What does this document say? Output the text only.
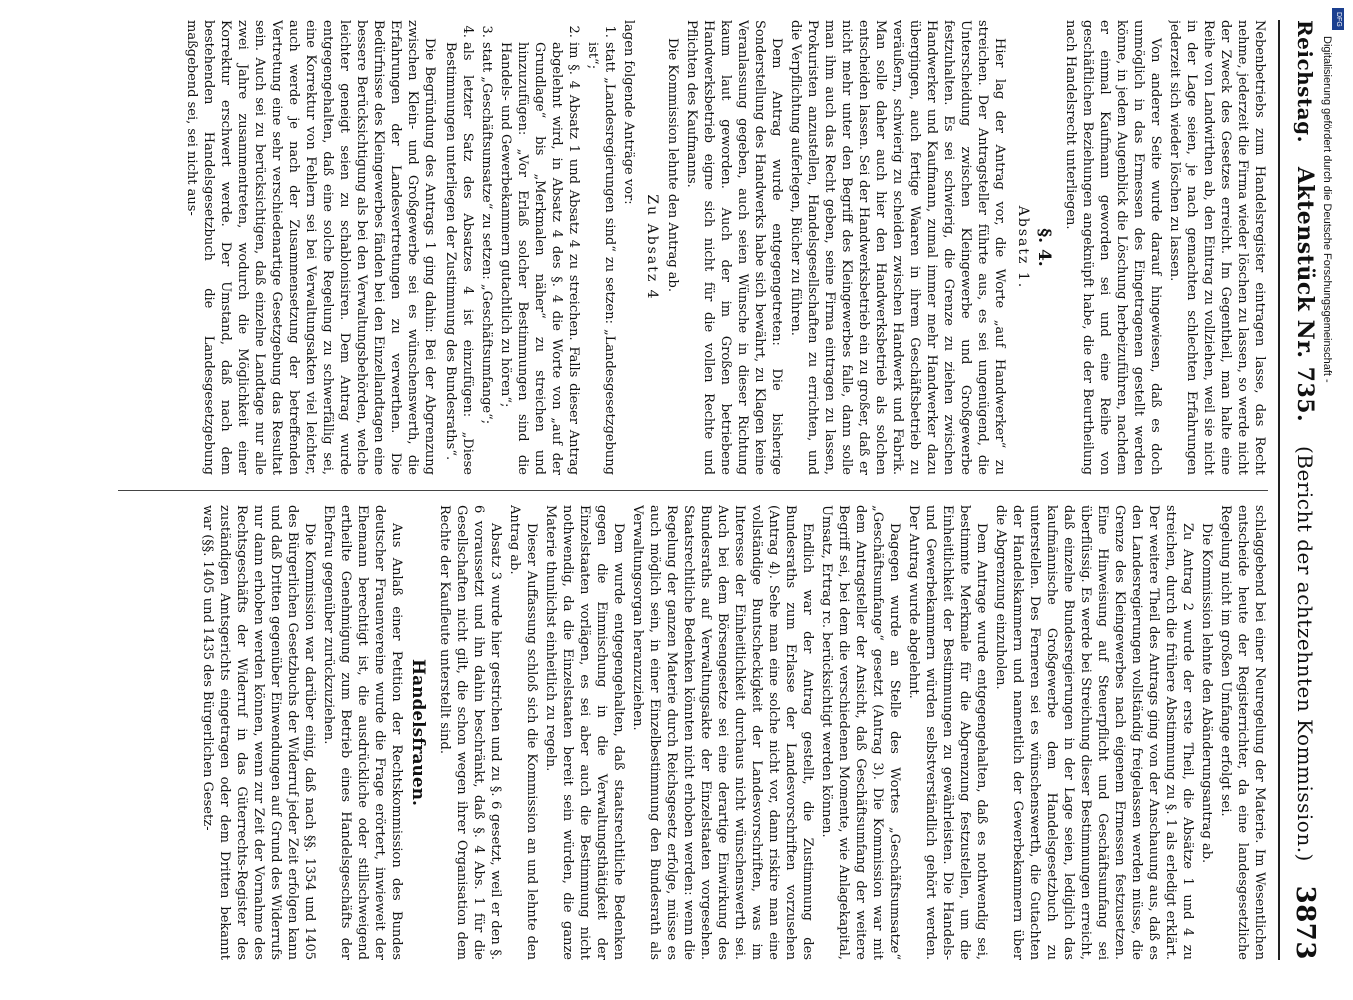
Reichstag.
Aktenstück Nr. 735.
(Bericht der achtzehnten Kommission.)
3873

Nebenbetriebs zum Handelsregister eintragen lasse, das Recht nehme, jederzeit die Firma wieder löschen zu lassen, so werde nicht der Zweck des Gesetzes erreicht. Im Gegentheil, man halte eine Reihe von Landwirthen ab, den Eintrag zu vollziehen, weil sie nicht in der Lage seien, je nach gemachten schlechten Erfahrungen jederzeit sich wieder löschen zu lassen.

Von anderer Seite wurde darauf hingewiesen, daß es doch unmöglich in das Ermessen des Eingetragenen gestellt werden könne, in jedem Augenblick die Löschung herbeizuführen, nachdem er einmal Kaufmann geworden sei und eine Reihe von geschäftlichen Beziehungen angeknüpft habe, die der Beurtheilung nach Handelsrecht unterliegen.

§. 4.
Absatz 1.

Hier lag der Antrag vor, die Worte „auf Handwerker“ zu streichen. Der Antragsteller führte aus, es sei ungenügend, die Unterscheidung zwischen Kleingewerbe und Großgewerbe festzuhalten. Es sei schwierig, die Grenze zu ziehen zwischen Handwerker und Kaufmann, zumal immer mehr Handwerker dazu übergingen, auch fertige Waaren in ihrem Geschäftsbetrieb zu veräußern, schwierig zu scheiden zwischen Handwerk und Fabrik. Man solle daher auch hier den Handwerksbetrieb als solchen entscheiden lassen. Sei der Handwerksbetrieb ein zu großer, daß er nicht mehr unter den Begriff des Kleingewerbes falle, dann solle man ihm auch das Recht geben, seine Firma eintragen zu lassen, Prokuristen anzustellen, Handelsgesellschaften zu errichten, und die Verpflichtung auferlegen, Bücher zu führen.

Dem Antrag wurde entgegengetreten: Die bisherige Sonderstellung des Handwerks habe sich bewährt, zu Klagen keine Veranlassung gegeben, auch seien Wünsche in dieser Richtung kaum laut geworden. Auch der im Großen betriebene Handwerksbetrieb eigne sich nicht für die vollen Rechte und Pflichten des Kaufmanns.

Die Kommission lehnte den Antrag ab.

Zu Absatz 4

lagen folgende Anträge vor:

1. statt „Landesregierungen sind“ zu setzen: „Landesgesetzgebung ist“;
2. im §. 4 Absatz 1 und Absatz 4 zu streichen. Falls dieser Antrag abgelehnt wird, in Absatz 4 des §. 4 die Worte von „auf der Grundlage“ bis „Merkmalen näher“ zu streichen und hinzuzufügen: „Vor Erlaß solcher Bestimmungen sind die Handels- und Gewerbekammern gutachtlich zu hören“;
3. statt „Geschäftsumsatze“ zu setzen: „Geschäftsumfange“;
4. als letzter Satz des Absatzes 4 ist einzufügen: „Diese Bestimmungen unterliegen der Zustimmung des Bundesraths“.

Die Begründung des Antrags 1 ging dahin: Bei der Abgrenzung zwischen Klein- und Großgewerbe sei es wünschenswerth, die Erfahrungen der Landesvertretungen zu verwerthen. Die Bedürfnisse des Kleingewerbes fänden bei den Einzellandtagen eine bessere Berücksichtigung als bei den Verwaltungsbehörden, welche leichter geneigt seien zu schablonisiren. Dem Antrag wurde entgegengehalten, daß eine solche Regelung zu schwerfällig sei, eine Korrektur von Fehlern sei bei Verwaltungsakten viel leichter, auch werde je nach der Zusammensetzung der betreffenden Vertretung eine sehr verschiedenartige Gesetzgebung das Resultat sein. Auch sei zu berücksichtigen, daß einzelne Landtage nur alle zwei Jahre zusammentreten, wodurch die Möglichkeit einer Korrektur erschwert werde. Der Umstand, daß nach dem bestehenden Handelsgesetzbuch die Landesgesetzgebung maßgebend sei, sei nicht aus-

schlaggebend bei einer Neuregelung der Materie. Im Wesentlichen entscheide heute der Registerrichter, da eine landesgesetzliche Regelung nicht im großen Umfange erfolgt sei.

Die Kommission lehnte den Abänderungsantrag ab.

Zu Antrag 2 wurde der erste Theil, die Absätze 1 und 4 zu streichen, durch die frühere Abstimmung zu §. 1 als erledigt erklärt. Der weitere Theil des Antrags ging von der Anschauung aus, daß es den Landesregierungen vollständig freigelassen werden müsse, die Grenze des Kleingewerbes nach eigenem Ermessen festzusetzen. Eine Hinweisung auf Steuerpflicht und Geschäftsumfang sei überflüssig. Es werde bei Streichung dieser Bestimmungen erreicht, daß einzelne Bundesregierungen in der Lage seien, lediglich das kaufmännische Großgewerbe dem Handelsgesetzbuch zu unterstellen. Des Ferneren sei es wünschenswerth, die Gutachten der Handelskammern und namentlich der Gewerbekammern über die Abgrenzung einzuholen.

Dem Antrage wurde entgegengehalten, daß es nothwendig sei, bestimmte Merkmale für die Abgrenzung festzustellen, um die Einheitlichkeit der Bestimmungen zu gewährleisten. Die Handels- und Gewerbekammern würden selbstverständlich gehört werden. Der Antrag wurde abgelehnt.

Dagegen wurde an Stelle des Wortes „Geschäftsumsatze“ „Geschäftsumfange“ gesetzt (Antrag 3). Die Kommission war mit dem Antragsteller der Ansicht, daß Geschäftsumfang der weitere Begriff sei, bei dem die verschiedenen Momente, wie Anlagekapital, Umsatz, Ertrag rc. berücksichtigt werden können.

Endlich war der Antrag gestellt, die Zustimmung des Bundesraths zum Erlasse der Landesvorschriften vorzusehen (Antrag 4). Sehe man eine solche nicht vor, dann riskire man eine vollständige Buntscheckigkeit der Landesvorschriften, was im Interesse der Einheitlichkeit durchaus nicht wünschenswerth sei. Auch bei dem Börsengesetze sei eine derartige Einwirkung des Bundesraths auf Verwaltungsakte der Einzelstaaten vorgesehen. Staatsrechtliche Bedenken könnten nicht erhoben werden: wenn die Regelung der ganzen Materie durch Reichsgesetz erfolge, müsse es auch möglich sein, in einer Einzelbestimmung den Bundesrath als Verwaltungsorgan heranzuziehen.

Dem wurde entgegengehalten, daß staatsrechtliche Bedenken gegen die Einmischung in die Verwaltungsthätigkeit der Einzelstaaten vorlägen, es sei aber auch die Bestimmung nicht nothwendig, da die Einzelstaaten bereit sein würden, die ganze Materie thunlichst einheitlich zu regeln.

Dieser Auffassung schloß sich die Kommission an und lehnte den Antrag ab.

Absatz 3 wurde hier gestrichen und zu §. 6 gesetzt, weil er den §. 6 voraussetzt und ihn dahin beschränkt, daß §. 4 Abs. 1 für die Gesellschaften nicht gilt, die schon wegen ihrer Organisation dem Rechte der Kaufleute unterstellt sind.

Handelsfrauen.

Aus Anlaß einer Petition der Rechtskommission des Bundes deutscher Frauenvereine wurde die Frage erörtert, inwieweit der Ehemann berechtigt ist, die ausdrückliche oder stillschweigend ertheilte Genehmigung zum Betrieb eines Handelsgeschäfts der Ehefrau gegenüber zurückzuziehen.

Die Kommission war darüber einig, daß nach §§. 1354 und 1405 des Bürgerlichen Gesetzbuchs der Widerruf jeder Zeit erfolgen kann und daß Dritten gegenüber Einwendungen auf Grund des Widerrufs nur dann erhoben werden können, wenn zur Zeit der Vornahme des Rechtsgeschäfts der Widerruf in das Güterrechts-Register des zuständigen Amtsgerichts eingetragen oder dem Dritten bekannt war (§§. 1405 und 1435 des Bürgerlichen Gesetz-

DFG
Digitalisierung gefördert durch die Deutsche Forschungsgemeinschaft -
